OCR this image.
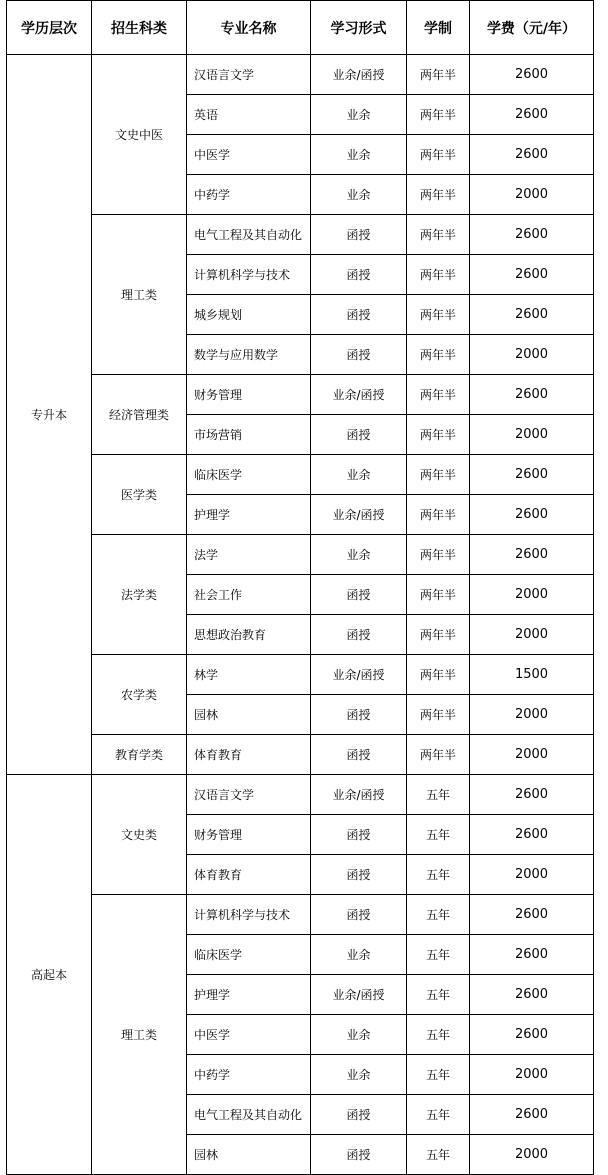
学历层次	招生科类	专业名称	学习形式	学制	学费（元/年）
专升本	文史中医	汉语言文学	业余/函授	两年半	2600
		英语	业余	两年半	2600
		中医学	业余	两年半	2600
		中药学	业余	两年半	2000
	理工类	电气工程及其自动化	函授	两年半	2600
		计算机科学与技术	函授	两年半	2600
		城乡规划	函授	两年半	2600
		数学与应用数学	函授	两年半	2000
	经济管理类	财务管理	业余/函授	两年半	2600
		市场营销	函授	两年半	2000
	医学类	临床医学	业余	两年半	2600
		护理学	业余/函授	两年半	2600
	法学类	法学	业余	两年半	2600
		社会工作	函授	两年半	2000
		思想政治教育	函授	两年半	2000
	农学类	林学	业余/函授	两年半	1500
		园林	函授	两年半	2000
	教育学类	体育教育	函授	两年半	2000
高起本	文史类	汉语言文学	业余/函授	五年	2600
		财务管理	函授	五年	2600
		体育教育	函授	五年	2000
	理工类	计算机科学与技术	函授	五年	2600
		临床医学	业余	五年	2600
		护理学	业余/函授	五年	2600
		中医学	业余	五年	2600
		中药学	业余	五年	2000
		电气工程及其自动化	函授	五年	2600
		园林	函授	五年	2000
